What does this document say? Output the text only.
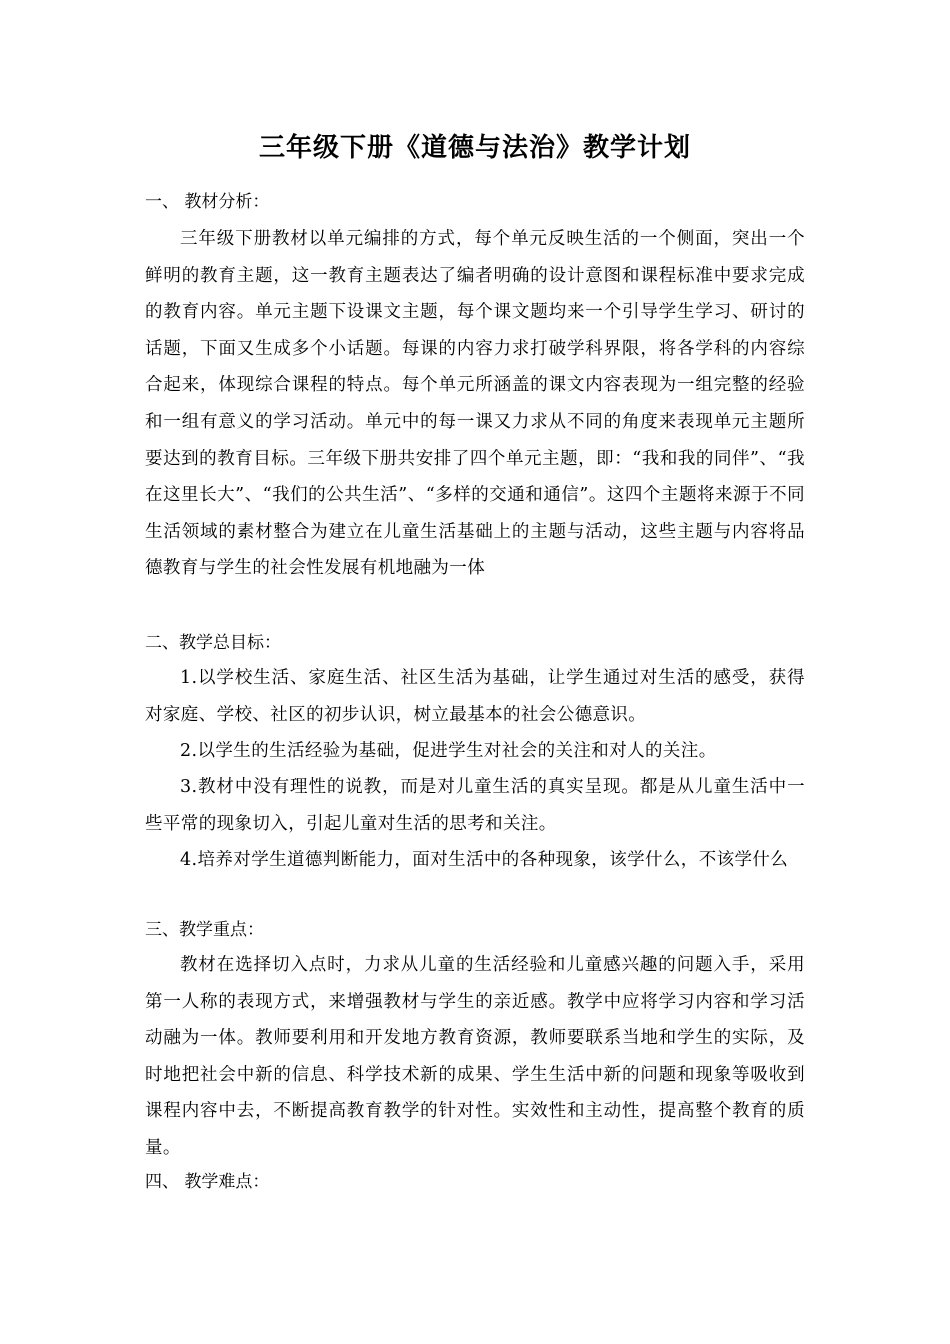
三年级下册《道德与法治》教学计划
一、 教材分析：
三年级下册教材以单元编排的方式，每个单元反映生活的一个侧面，突出一个鲜明的教育主题，这一教育主题表达了编者明确的设计意图和课程标准中要求完成的教育内容。单元主题下设课文主题，每个课文题均来一个引导学生学习、研讨的话题，下面又生成多个小话题。每课的内容力求打破学科界限，将各学科的内容综合起来，体现综合课程的特点。每个单元所涵盖的课文内容表现为一组完整的经验和一组有意义的学习活动。单元中的每一课又力求从不同的角度来表现单元主题所要达到的教育目标。三年级下册共安排了四个单元主题，即：“我和我的同伴”、“我在这里长大”、“我们的公共生活”、“多样的交通和通信”。这四个主题将来源于不同生活领域的素材整合为建立在儿童生活基础上的主题与活动，这些主题与内容将品德教育与学生的社会性发展有机地融为一体
二、教学总目标：
1.以学校生活、家庭生活、社区生活为基础，让学生通过对生活的感受，获得对家庭、学校、社区的初步认识，树立最基本的社会公德意识。
2.以学生的生活经验为基础，促进学生对社会的关注和对人的关注。
3.教材中没有理性的说教，而是对儿童生活的真实呈现。都是从儿童生活中一些平常的现象切入，引起儿童对生活的思考和关注。
4.培养对学生道德判断能力，面对生活中的各种现象，该学什么，不该学什么
三、教学重点：
教材在选择切入点时，力求从儿童的生活经验和儿童感兴趣的问题入手，采用第一人称的表现方式，来增强教材与学生的亲近感。教学中应将学习内容和学习活动融为一体。教师要利用和开发地方教育资源，教师要联系当地和学生的实际，及时地把社会中新的信息、科学技术新的成果、学生生活中新的问题和现象等吸收到课程内容中去，不断提高教育教学的针对性。实效性和主动性，提高整个教育的质量。
四、 教学难点：
